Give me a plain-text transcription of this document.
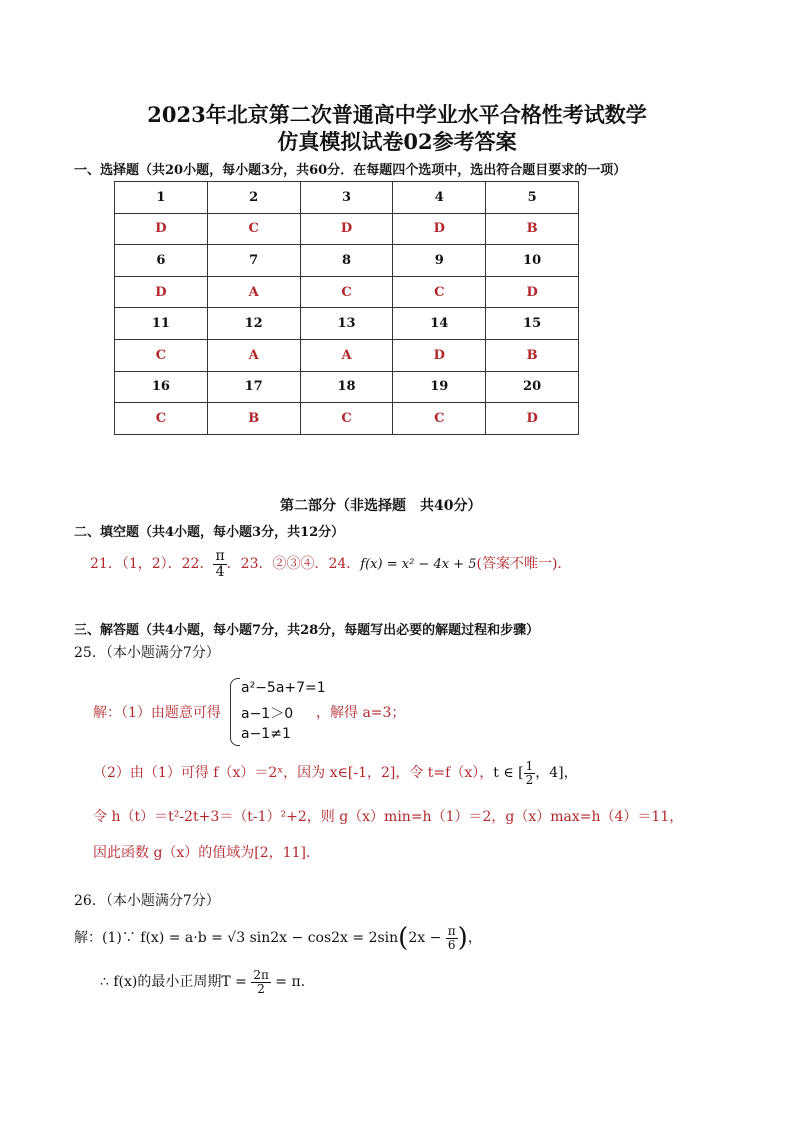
2023年北京第二次普通高中学业水平合格性考试数学
仿真模拟试卷02参考答案
一、选择题（共20小题，每小题3分，共60分．在每题四个选项中，选出符合题目要求的一项）
1	2	3	4	5
D	C	D	D	B
6	7	8	9	10
D	A	C	C	D
11	12	13	14	15
C	A	A	D	B
16	17	18	19	20
C	B	C	C	D
第二部分（非选择题　共40分）
二、填空题（共4小题，每小题3分，共12分）
21．（1，2）．22． $\frac{\pi}{4}$ ．23．②③④．24．f(x) = x² − 4x + 5(答案不唯一)．
三、解答题（共4小题，每小题7分，共28分，每题写出必要的解题过程和步骤）
25．（本小题满分7分）
解：（1）由题意可得
a²−5a+7=1
a−1＞0
a−1≠1
，解得 a=3；
（2）由（1）可得 f（x）＝2ˣ，因为 x∈[-1，2]，令 t=f（x），t ∈ [ $\frac{1}{2}$ ，4]，
令 h（t）＝t²-2t+3＝（t-1）²+2，则 g（x）min=h（1）＝2，g（x）max=h（4）＝11，
因此函数 g（x）的值域为[2，11]．
26．（本小题满分7分）
解：(1)∵ f(x) = a·b = √3 $\sin 2x - \cos 2x = 2\sin(2x - \frac{\pi}{6}$ )，
∴ f(x)的最小正周期$T = \frac{2\pi}{2} = \pi$．
